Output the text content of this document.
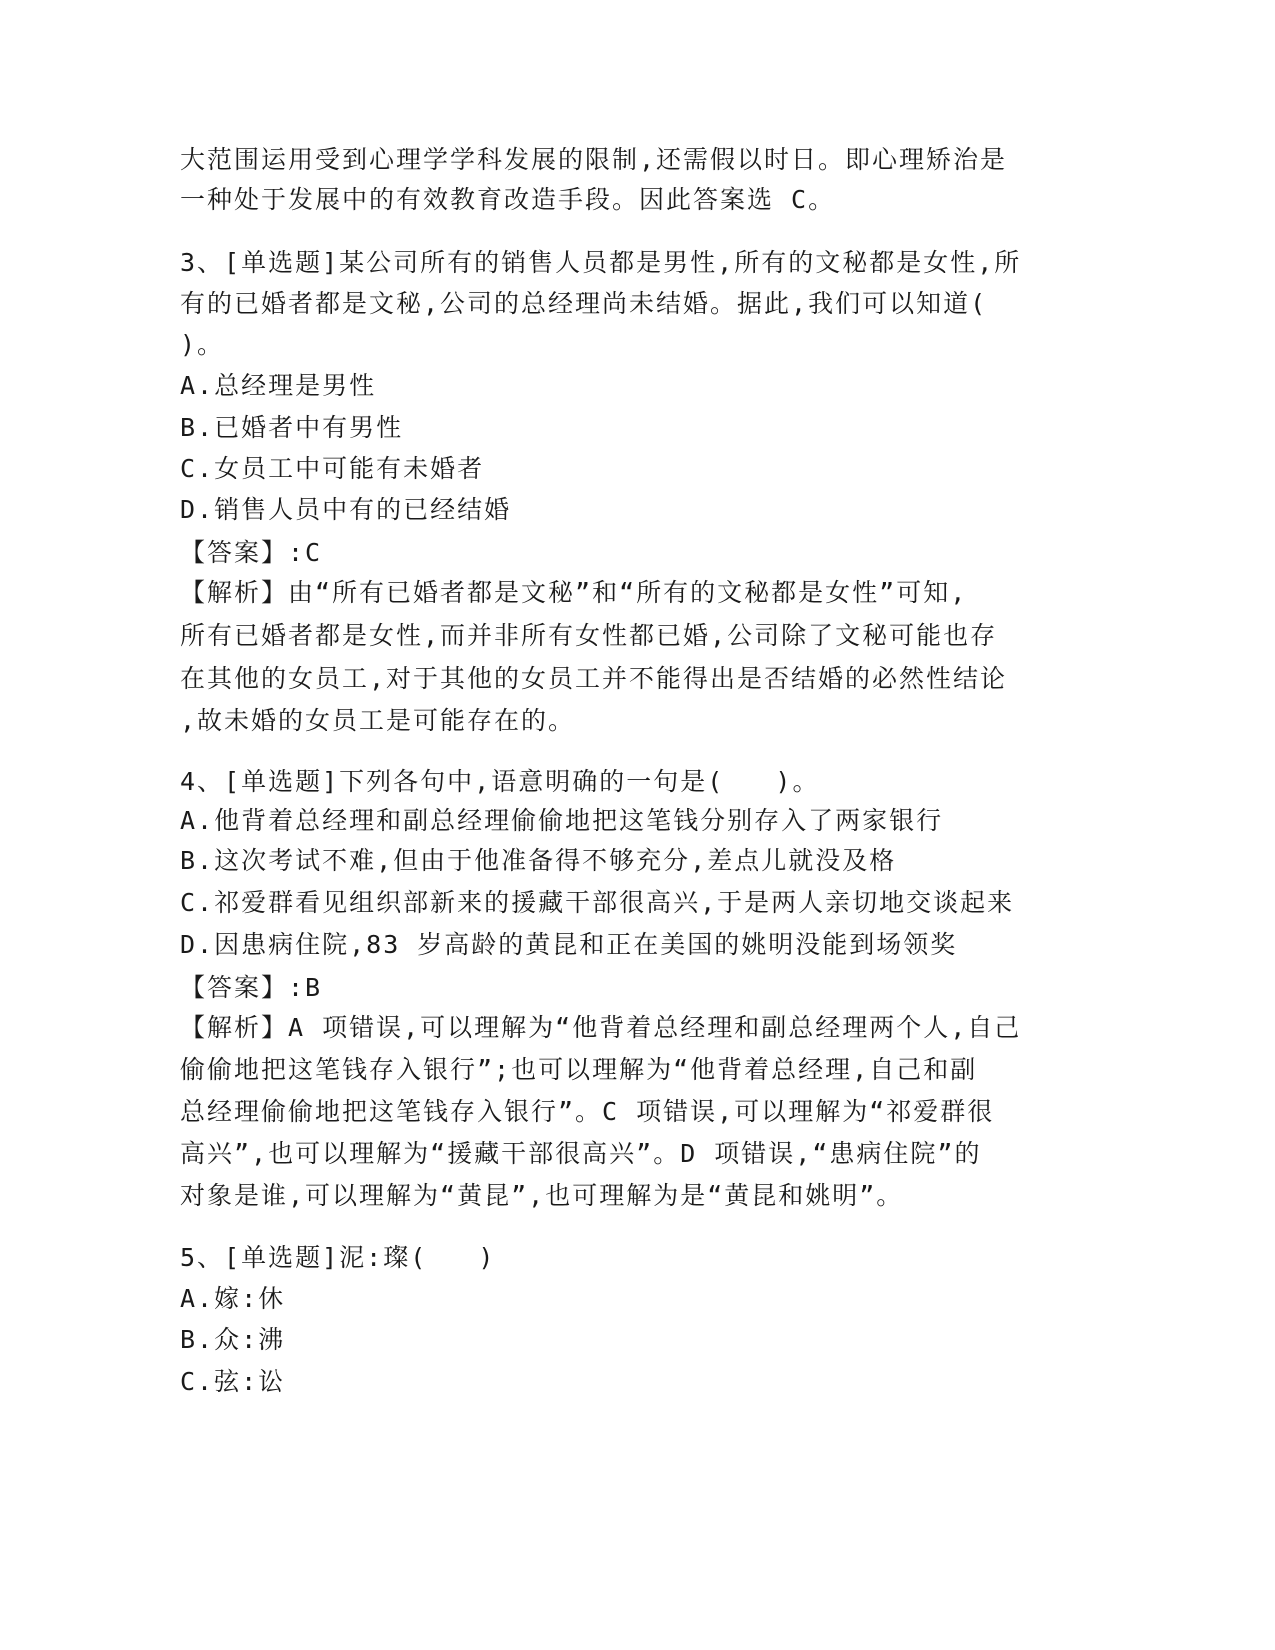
大范围运用受到心理学学科发展的限制,还需假以时日。即心理矫治是
一种处于发展中的有效教育改造手段。因此答案选 C。
3、[单选题]某公司所有的销售人员都是男性,所有的文秘都是女性,所
有的已婚者都是文秘,公司的总经理尚未结婚。据此,我们可以知道(
)。
A.总经理是男性
B.已婚者中有男性
C.女员工中可能有未婚者
D.销售人员中有的已经结婚
【答案】:C
【解析】由“所有已婚者都是文秘”和“所有的文秘都是女性”可知,
所有已婚者都是女性,而并非所有女性都已婚,公司除了文秘可能也存
在其他的女员工,对于其他的女员工并不能得出是否结婚的必然性结论
,故未婚的女员工是可能存在的。
4、[单选题]下列各句中,语意明确的一句是(   )。
A.他背着总经理和副总经理偷偷地把这笔钱分别存入了两家银行
B.这次考试不难,但由于他准备得不够充分,差点儿就没及格
C.祁爱群看见组织部新来的援藏干部很高兴,于是两人亲切地交谈起来
D.因患病住院,83 岁高龄的黄昆和正在美国的姚明没能到场领奖
【答案】:B
【解析】A 项错误,可以理解为“他背着总经理和副总经理两个人,自己
偷偷地把这笔钱存入银行”;也可以理解为“他背着总经理,自己和副
总经理偷偷地把这笔钱存入银行”。C 项错误,可以理解为“祁爱群很
高兴”,也可以理解为“援藏干部很高兴”。D 项错误,“患病住院”的
对象是谁,可以理解为“黄昆”,也可理解为是“黄昆和姚明”。
5、[单选题]泥:璨(   )
A.嫁:休
B.众:沸
C.弦:讼
